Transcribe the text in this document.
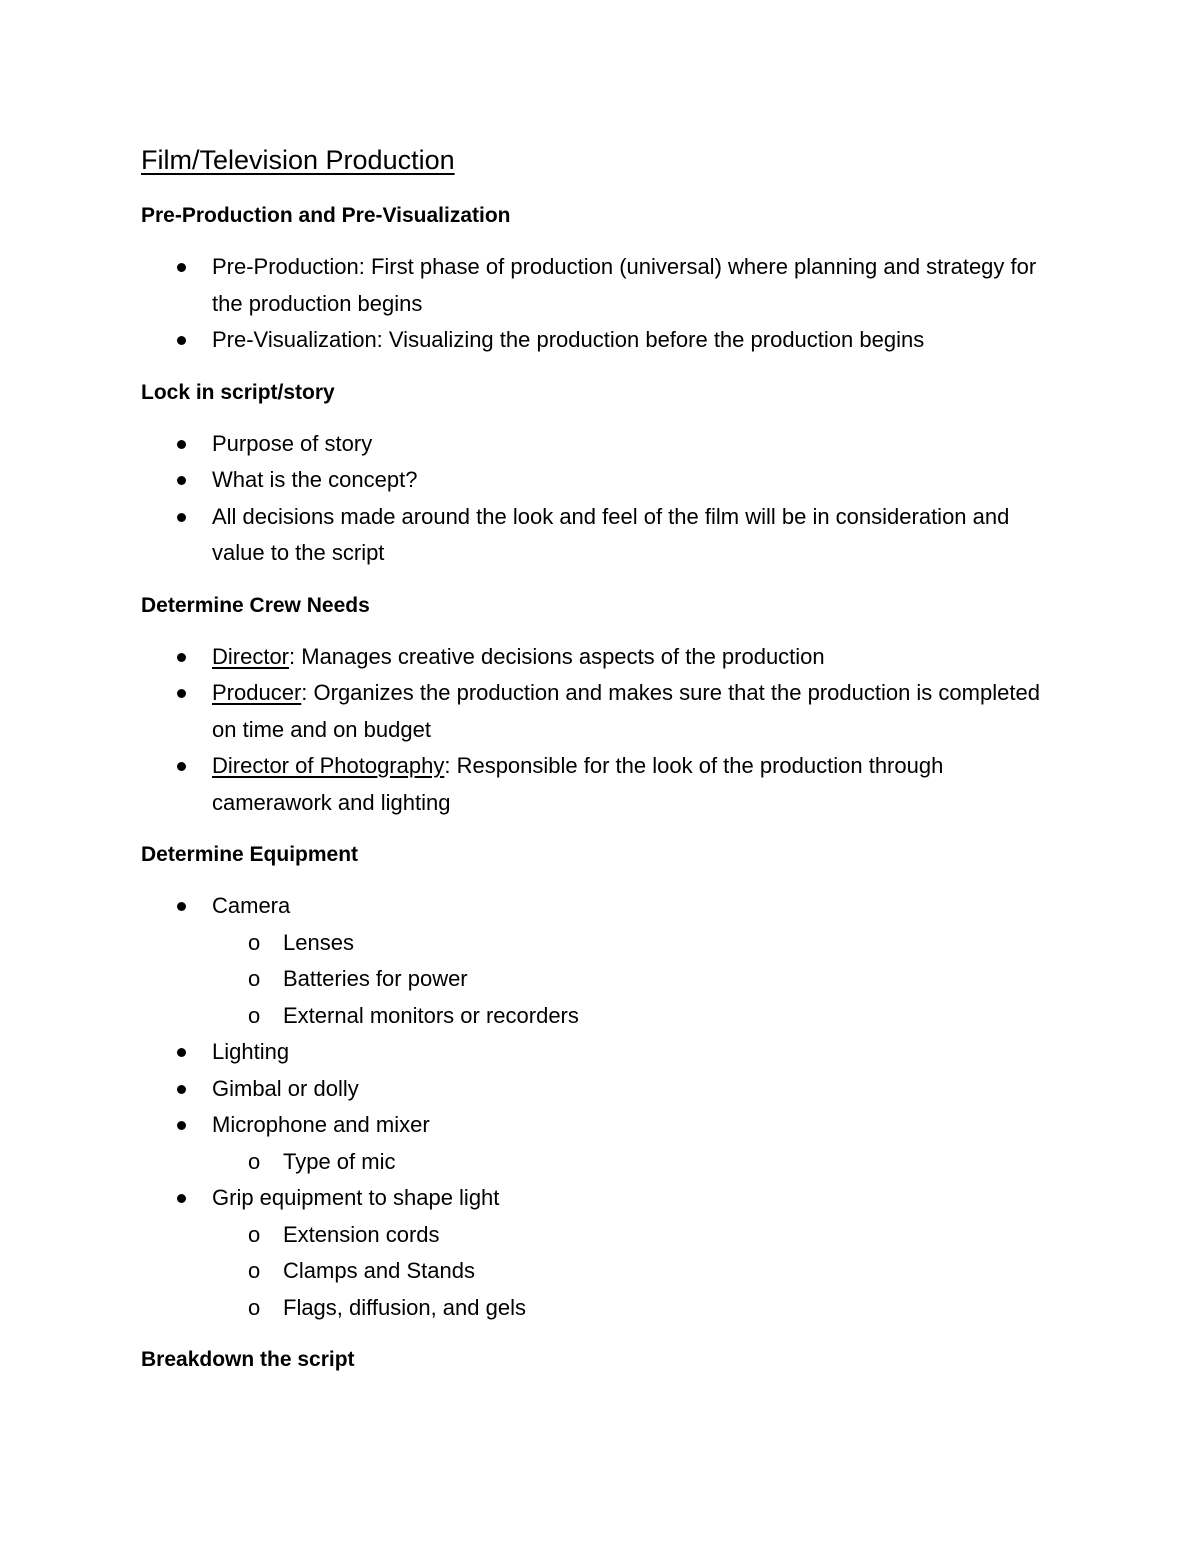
Film/Television Production
Pre-Production and Pre-Visualization
Pre-Production: First phase of production (universal) where planning and strategy for the production begins
Pre-Visualization: Visualizing the production before the production begins
Lock in script/story
Purpose of story
What is the concept?
All decisions made around the look and feel of the film will be in consideration and value to the script
Determine Crew Needs
Director: Manages creative decisions aspects of the production
Producer: Organizes the production and makes sure that the production is completed on time and on budget
Director of Photography: Responsible for the look of the production through camerawork and lighting
Determine Equipment
Camera
o Lenses
o Batteries for power
o External monitors or recorders
Lighting
Gimbal or dolly
Microphone and mixer
o Type of mic
Grip equipment to shape light
o Extension cords
o Clamps and Stands
o Flags, diffusion, and gels
Breakdown the script
